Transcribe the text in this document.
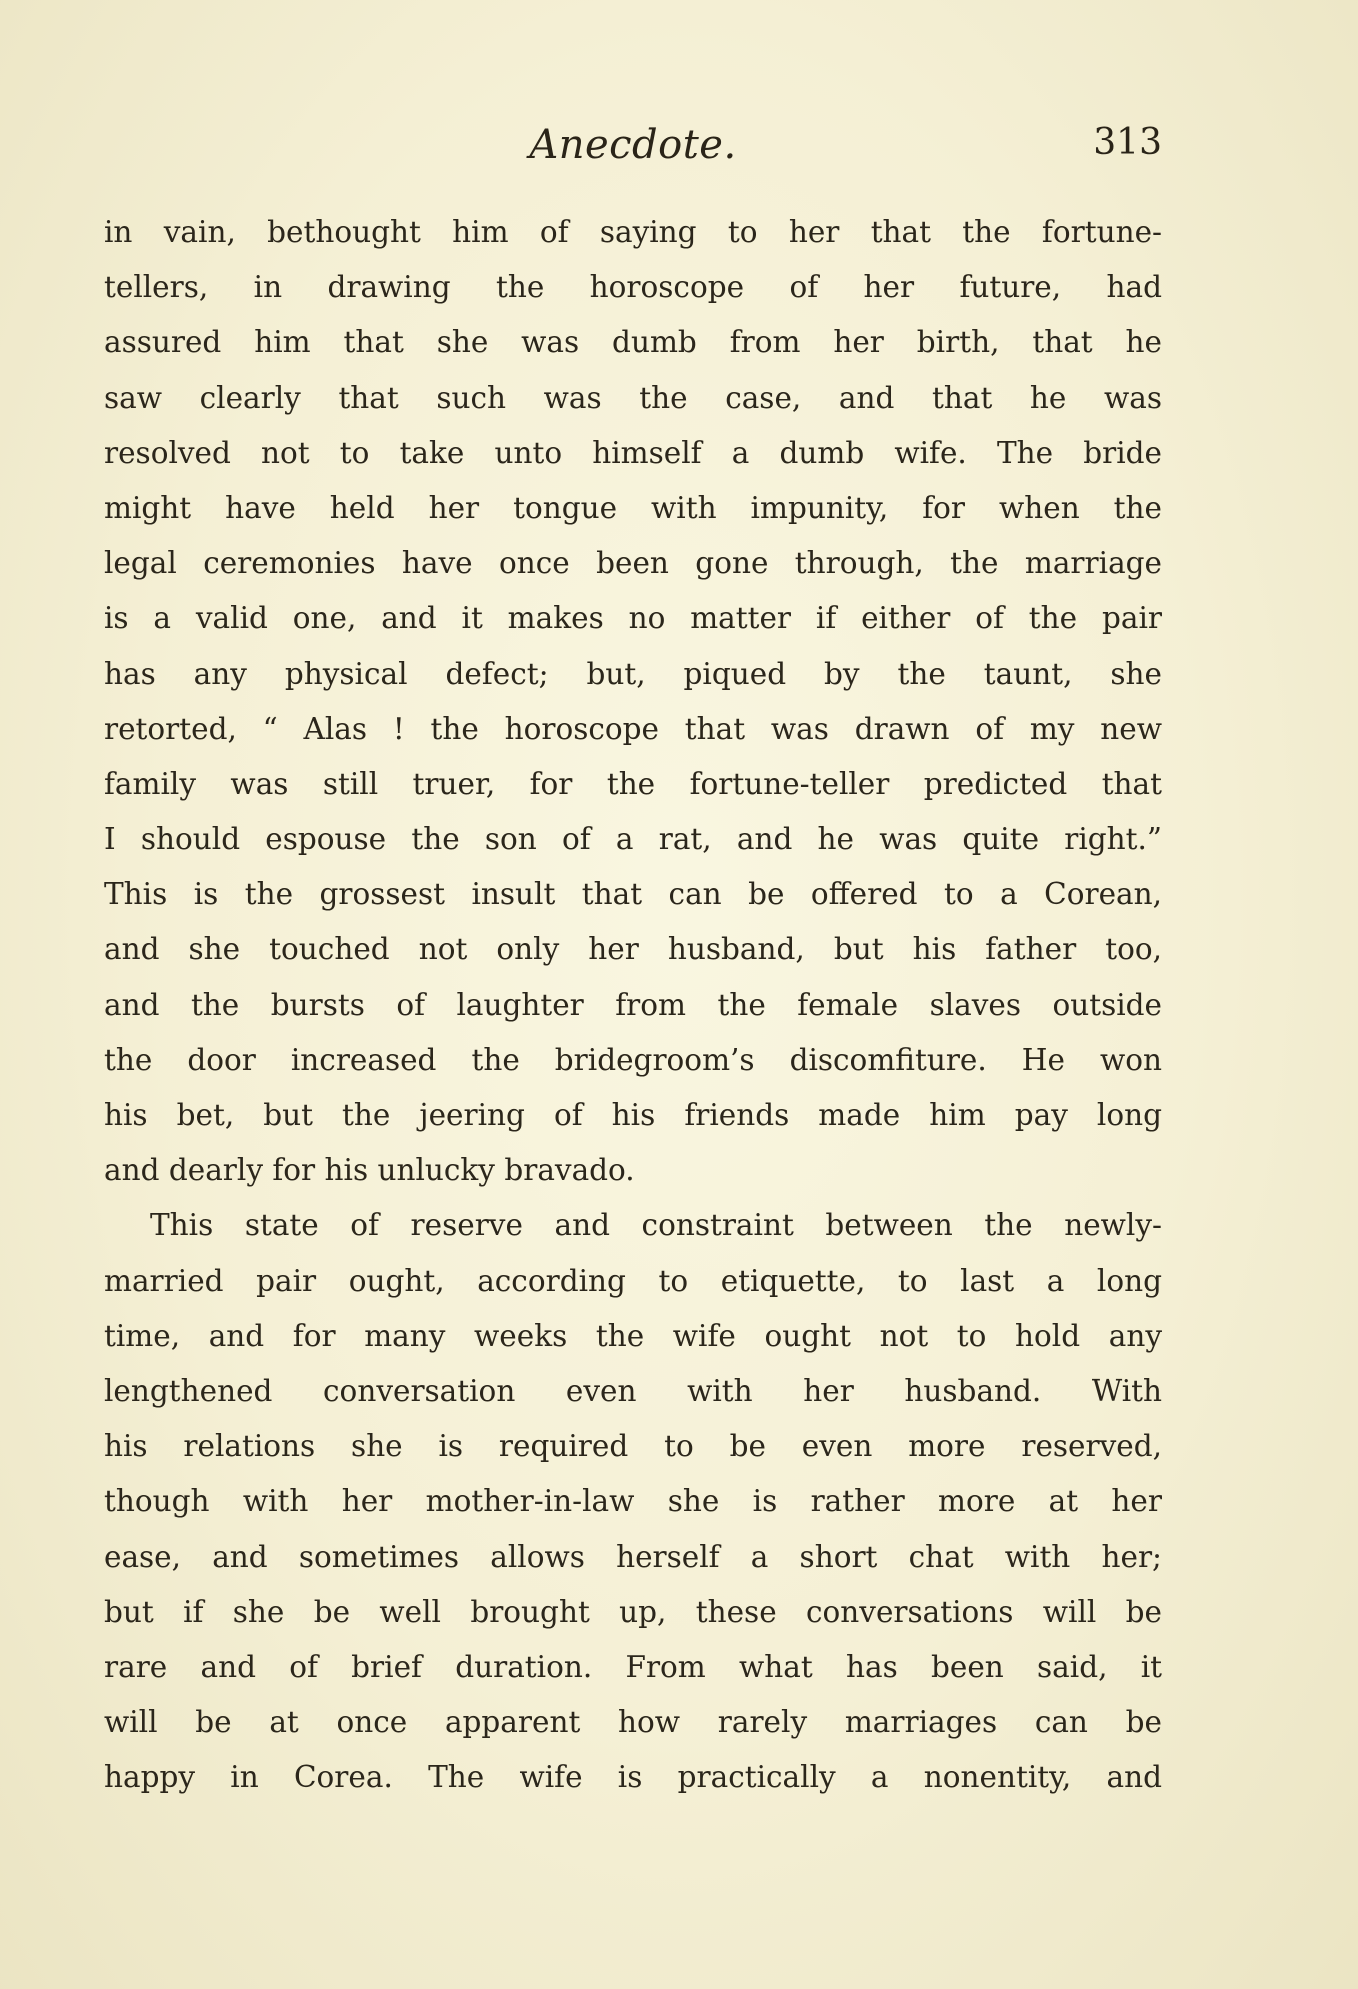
Anecdote.	313
in vain, bethought him of saying to her that the fortune-
tellers, in drawing the horoscope of her future, had
assured him that she was dumb from her birth, that he
saw clearly that such was the case, and that he was
resolved not to take unto himself a dumb wife. The bride
might have held her tongue with impunity, for when the
legal ceremonies have once been gone through, the marriage
is a valid one, and it makes no matter if either of the pair
has any physical defect; but, piqued by the taunt, she
retorted, “ Alas ! the horoscope that was drawn of my new
family was still truer, for the fortune-teller predicted that
I should espouse the son of a rat, and he was quite right.”
This is the grossest insult that can be offered to a Corean,
and she touched not only her husband, but his father too,
and the bursts of laughter from the female slaves outside
the door increased the bridegroom’s discomfiture. He won
his bet, but the jeering of his friends made him pay long
and dearly for his unlucky bravado.
This state of reserve and constraint between the newly-
married pair ought, according to etiquette, to last a long
time, and for many weeks the wife ought not to hold any
lengthened conversation even with her husband. With
his relations she is required to be even more reserved,
though with her mother-in-law she is rather more at her
ease, and sometimes allows herself a short chat with her;
but if she be well brought up, these conversations will be
rare and of brief duration. From what has been said, it
will be at once apparent how rarely marriages can be
happy in Corea. The wife is practically a nonentity, and
